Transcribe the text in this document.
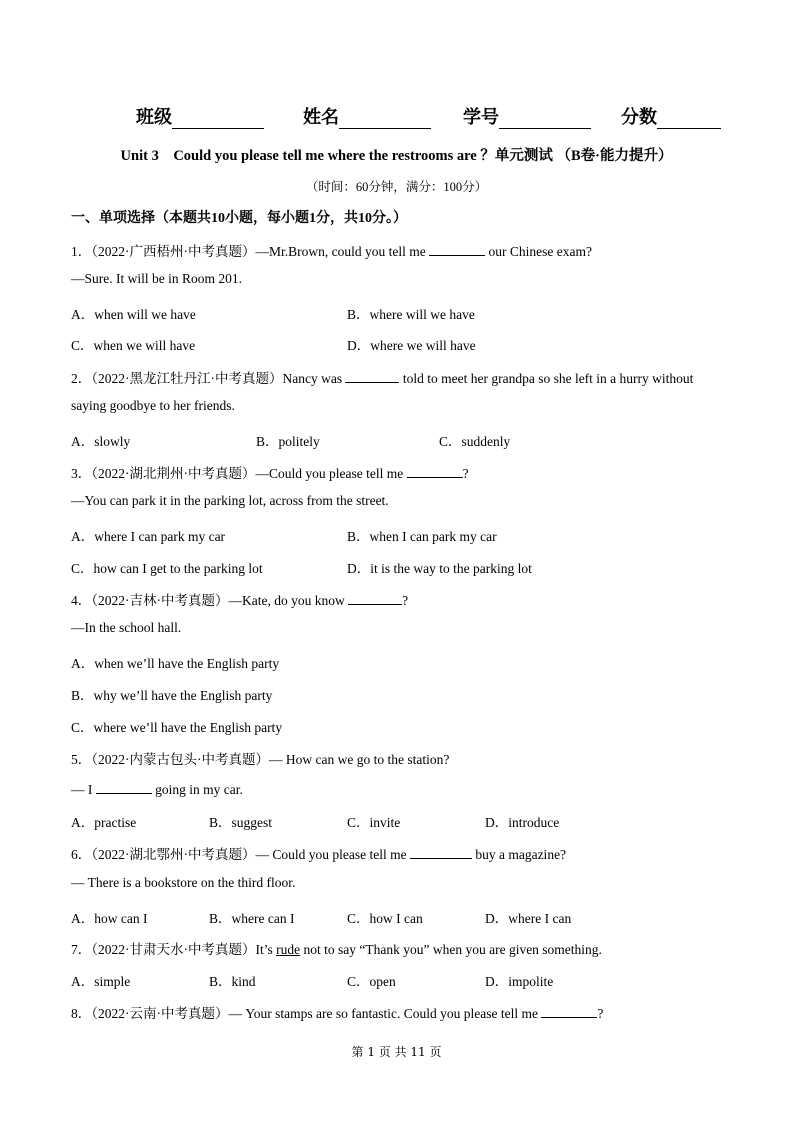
班级	姓名	学号	分数
Unit 3　Could you please tell me where the restrooms are ？单元测试 （B卷·能力提升）
（时间：60分钟，满分：100分）
一、单项选择（本题共10小题，每小题1分，共10分。）
1．（2022·广西梧州·中考真题）—Mr.Brown, could you tell me	our Chinese exam?
—Sure. It will be in Room 201.
A．when will we have	B．where will we have
C．when we will have	D．where we will have
2．（2022·黑龙江牡丹江·中考真题）Nancy was	told to meet her grandpa so she left in a hurry without
saying goodbye to her friends.
A．slowly	B．politely	C．suddenly
3．（2022·湖北荆州·中考真题）—Could you please tell me	?
—You can park it in the parking lot, across from the street.
A．where I can park my car	B．when I can park my car
C．how can I get to the parking lot	D．it is the way to the parking lot
4．（2022·吉林·中考真题）—Kate, do you know	?
—In the school hall.
A．when we’ll have the English party
B．why we’ll have the English party
C．where we’ll have the English party
5．（2022·内蒙古包头·中考真题）— How can we go to the station?
— I	going in my car.
A．practise	B．suggest	C．invite	D．introduce
6．（2022·湖北鄂州·中考真题）— Could you please tell me	buy a magazine?
— There is a bookstore on the third floor.
A．how can I	B．where can I	C．how I can	D．where I can
7．（2022·甘肃天水·中考真题）It’s rude not to say “Thank you” when you are given something.
A．simple	B．kind	C．open	D．impolite
8．（2022·云南·中考真题）— Your stamps are so fantastic. Could you please tell me	?
第 1 页 共 11 页
